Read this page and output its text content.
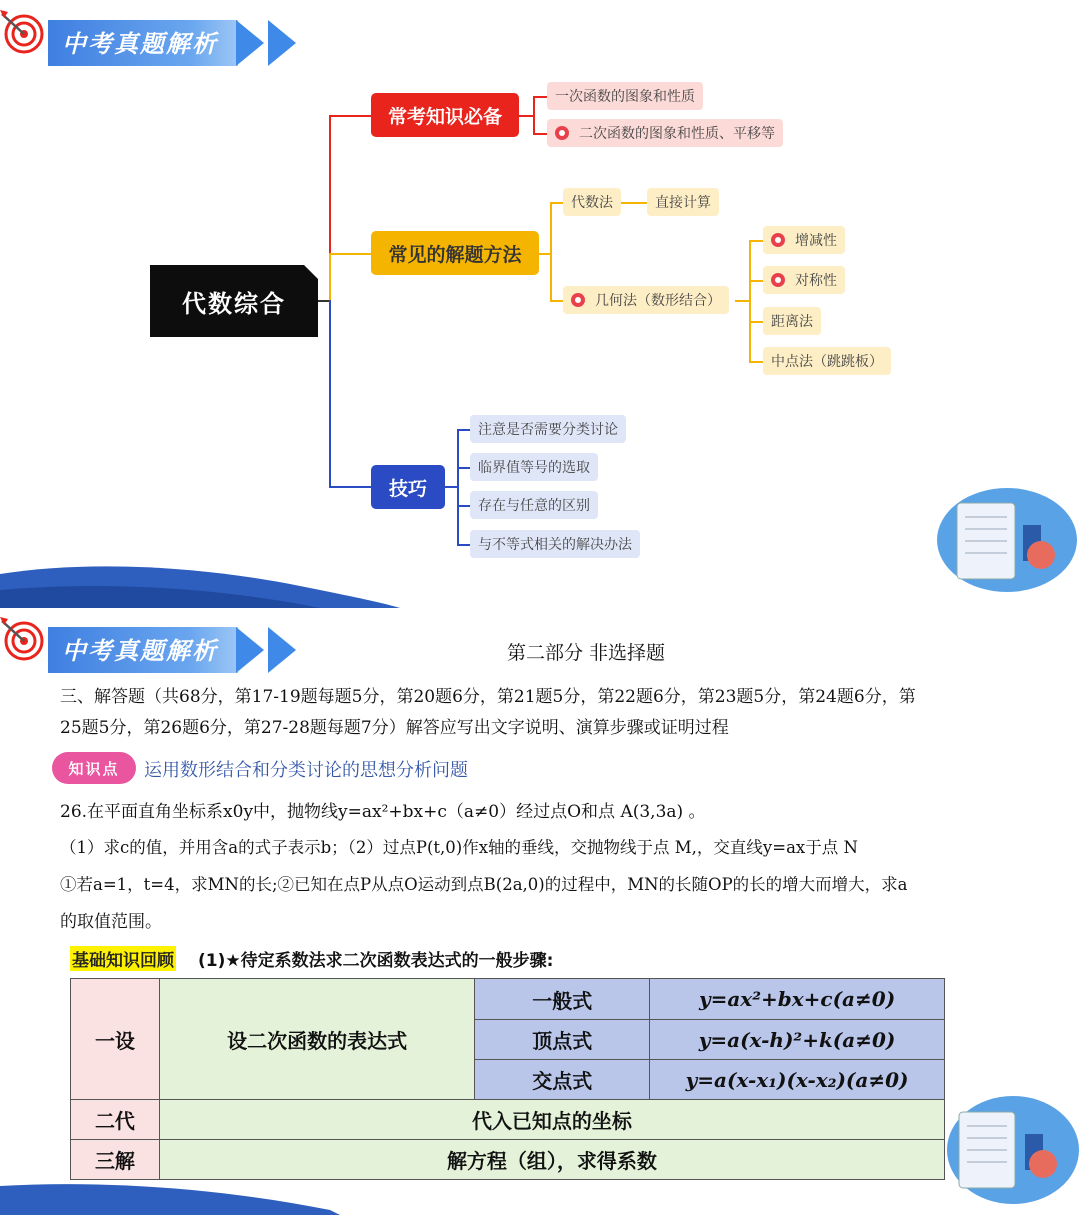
中考真题解析
代数综合
常考知识必备
一次函数的图象和性质
二次函数的图象和性质、平移等
常见的解题方法
代数法	直接计算
几何法（数形结合）
增减性
对称性
距离法
中点法（跳跳板）
技巧
注意是否需要分类讨论
临界值等号的选取
存在与任意的区别
与不等式相关的解决办法
中考真题解析	第二部分 非选择题
三、解答题（共68分，第17-19题每题5分，第20题6分，第21题5分，第22题6分，第23题5分，第24题6分，第
25题5分，第26题6分，第27-28题每题7分）解答应写出文字说明、演算步骤或证明过程
知识点	运用数形结合和分类讨论的思想分析问题
26.在平面直角坐标系x0y中，抛物线y=ax²+bx+c（a≠0）经过点O和点 A(3,3a) 。
（1）求c的值，并用含a的式子表示b；（2）过点P(t,0)作x轴的垂线，交抛物线于点 M,，交直线y=ax于点 N
①若a=1，t=4，求MN的长;②已知在点P从点O运动到点B(2a,0)的过程中，MN的长随OP的长的增大而增大，求a
的取值范围。
基础知识回顾 (1)★待定系数法求二次函数表达式的一般步骤:
一设	设二次函数的表达式	一般式	y=ax²+bx+c(a≠0)
		顶点式	y=a(x-h)²+k(a≠0)
		交点式	y=a(x-x₁)(x-x₂)(a≠0)
二代	代入已知点的坐标		
三解	解方程（组），求得系数		
